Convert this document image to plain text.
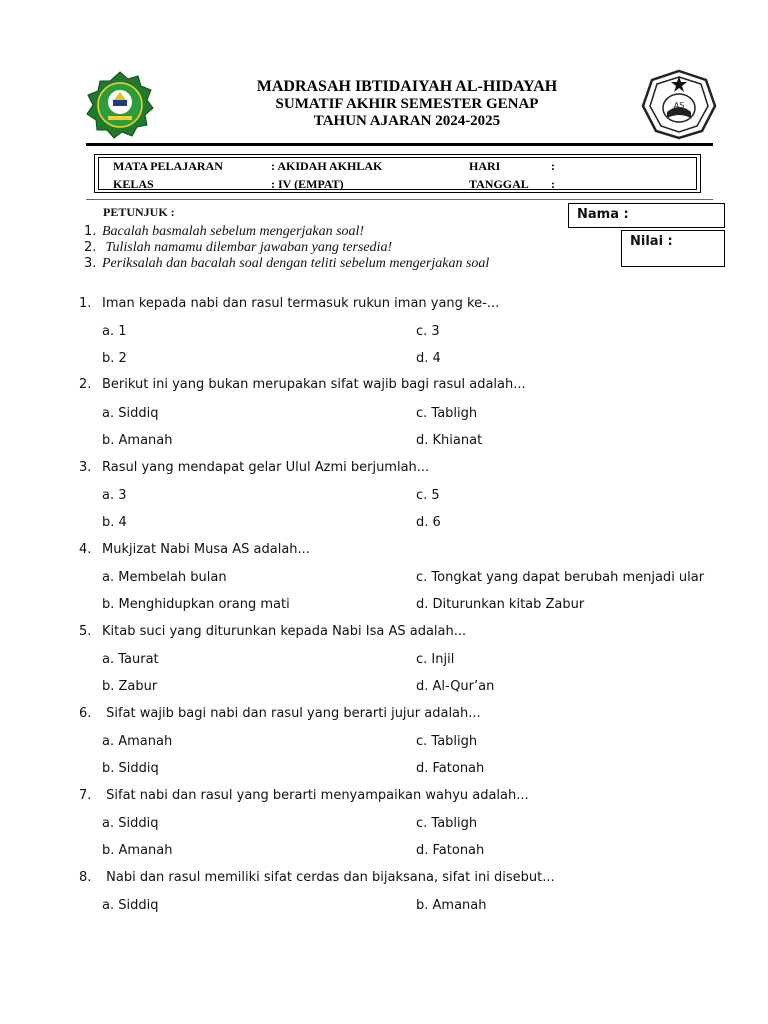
AS
MADRASAH IBTIDAIYAH AL-HIDAYAH
SUMATIF AKHIR SEMESTER GENAP
TAHUN AJARAN 2024-2025
MATA PELAJARAN	: AKIDAH AKHLAK	HARI	:
KELAS	: IV (EMPAT)	TANGGAL :
Nama :
Nilai :
PETUNJUK :
1. Bacalah basmalah sebelum mengerjakan soal!
2. Tulislah namamu dilembar jawaban yang tersedia!
3. Periksalah dan bacalah soal dengan teliti sebelum mengerjakan soal
1. Iman kepada nabi dan rasul termasuk rukun iman yang ke-...
a. 1	c. 3
b. 2	d. 4
2. Berikut ini yang bukan merupakan sifat wajib bagi rasul adalah...
a. Siddiq	c. Tabligh
b. Amanah	d. Khianat
3. Rasul yang mendapat gelar Ulul Azmi berjumlah...
a. 3	c. 5
b. 4	d. 6
4. Mukjizat Nabi Musa AS adalah...
a. Membelah bulan	c. Tongkat yang dapat berubah menjadi ular
b. Menghidupkan orang mati	d. Diturunkan kitab Zabur
5. Kitab suci yang diturunkan kepada Nabi Isa AS adalah...
a. Taurat	c. Injil
b. Zabur	d. Al-Qur’an
6. Sifat wajib bagi nabi dan rasul yang berarti jujur adalah...
a. Amanah	c. Tabligh
b. Siddiq	d. Fatonah
7. Sifat nabi dan rasul yang berarti menyampaikan wahyu adalah...
a. Siddiq	c. Tabligh
b. Amanah	d. Fatonah
8. Nabi dan rasul memiliki sifat cerdas dan bijaksana, sifat ini disebut...
a. Siddiq	b. Amanah
